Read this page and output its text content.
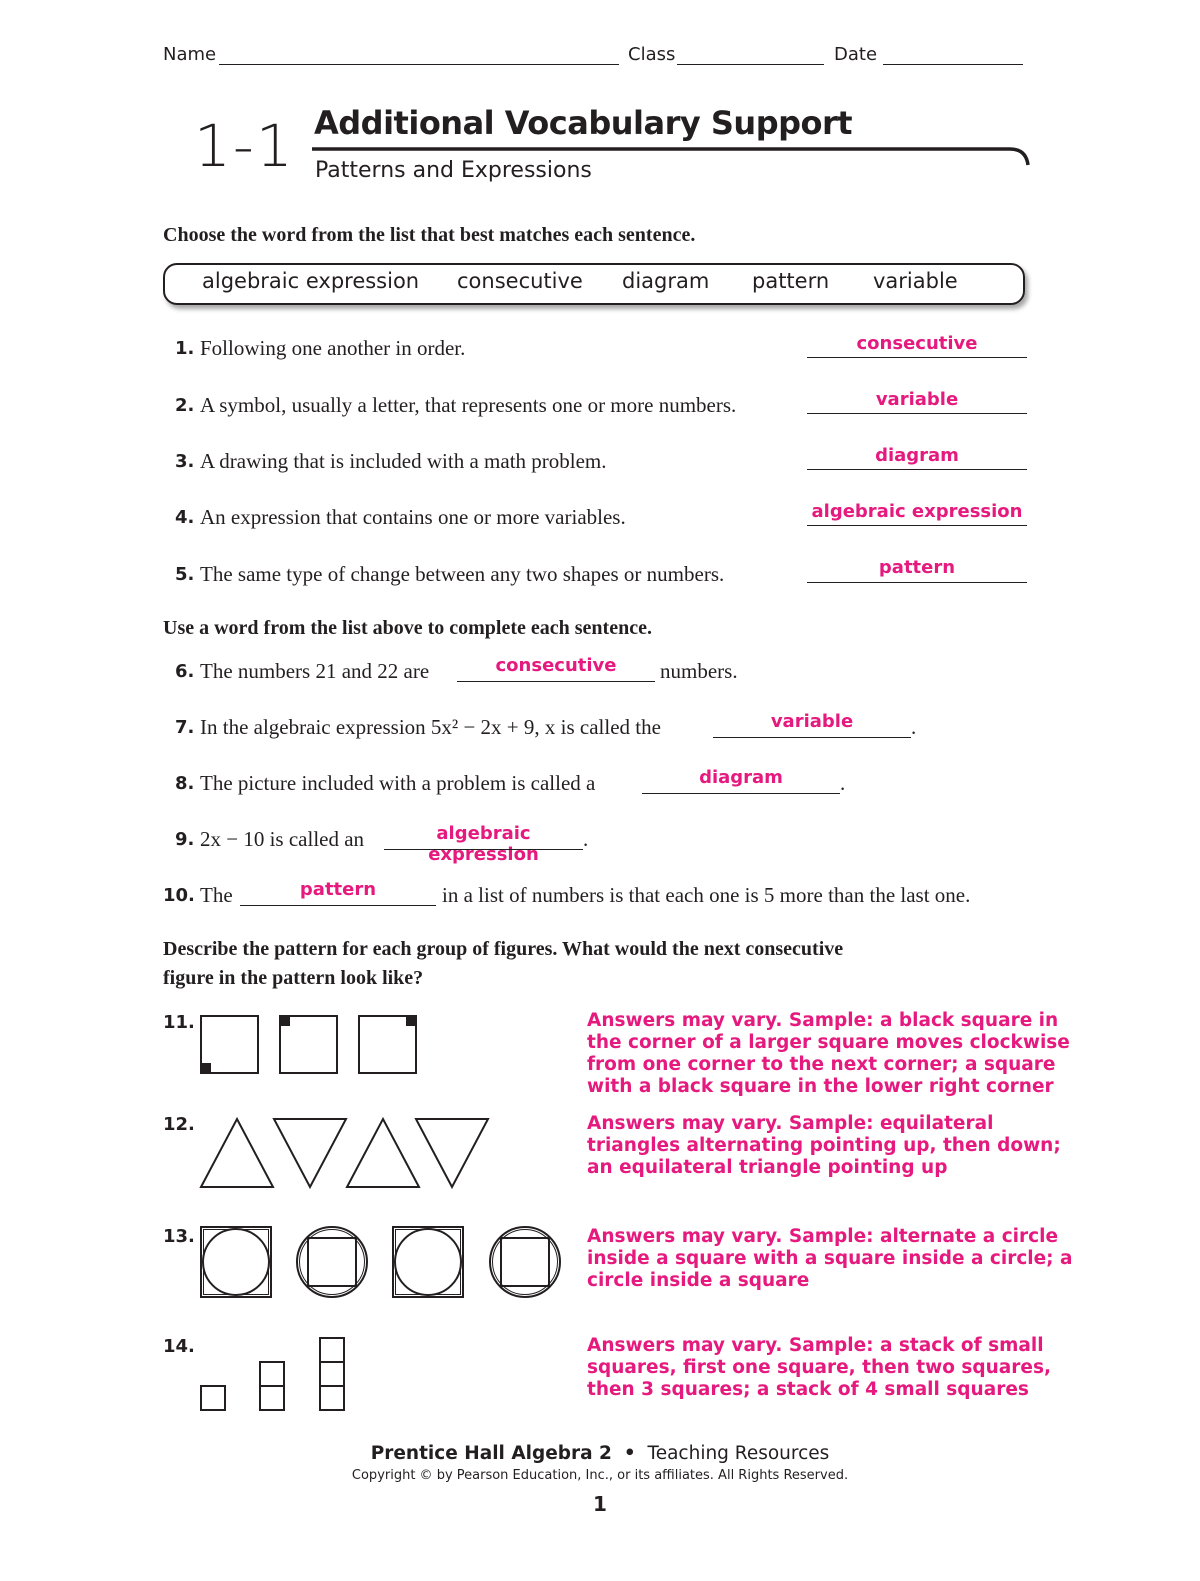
Name	Class	Date
1-1 Additional Vocabulary Support
Patterns and Expressions
Choose the word from the list that best matches each sentence.
algebraic expression consecutive diagram pattern variable
1. Following one another in order.	consecutive
2. A symbol, usually a letter, that represents one or more numbers.	variable
3. A drawing that is included with a math problem.	diagram
4. An expression that contains one or more variables.	algebraic expression
5. The same type of change between any two shapes or numbers.	pattern
Use a word from the list above to complete each sentence.
6. The numbers 21 and 22 are	consecutive	numbers.
7. In the algebraic expression 5x² − 2x + 9, x is called the	variable	.
8. The picture included with a problem is called a	diagram	.
9. 2x − 10 is called an	algebraic expression
.
10. The	pattern	in a list of numbers is that each one is 5 more than the last one.
Describe the pattern for each group of figures. What would the next consecutive
figure in the pattern look like?
11.	Answers may vary. Sample: a black square in the corner of a larger square moves clockwise from one corner to the next corner; a square with a black square in the lower right corner
12.	Answers may vary. Sample: equilateral triangles alternating pointing up, then down; an equilateral triangle pointing up
13.	Answers may vary. Sample: alternate a circle inside a square with a square inside a circle; a circle inside a square
14.	Answers may vary. Sample: a stack of small squares, first one square, then two squares, then 3 squares; a stack of 4 small squares
Prentice Hall Algebra 2 • Teaching Resources
Copyright © by Pearson Education, Inc., or its affiliates. All Rights Reserved.
1
